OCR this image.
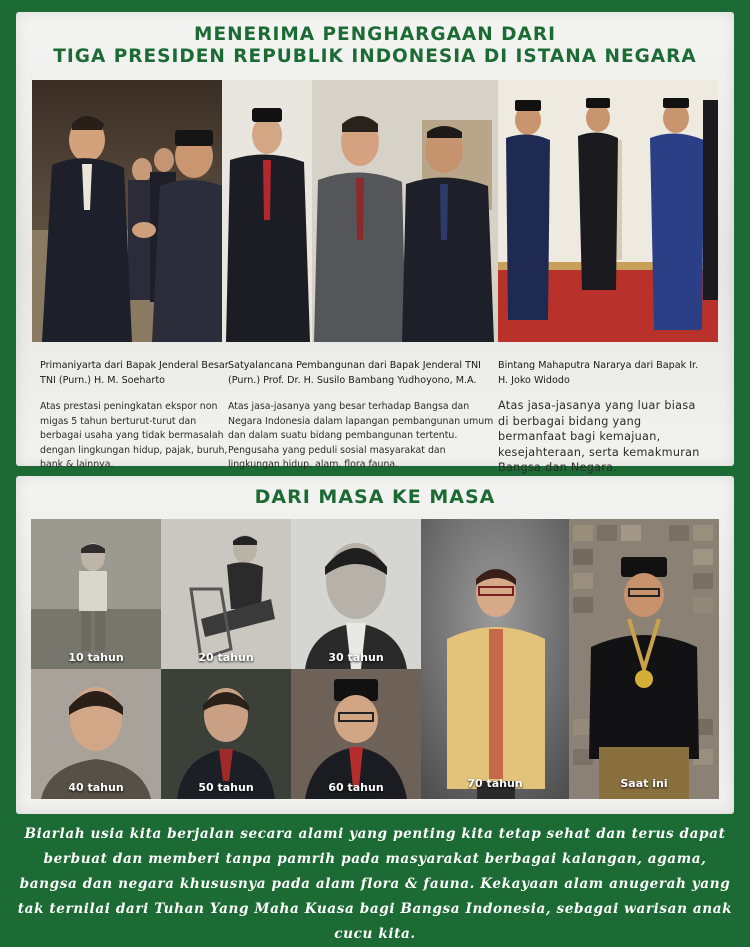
MENERIMA PENGHARGAAN DARI
TIGA PRESIDEN REPUBLIK INDONESIA DI ISTANA NEGARA
Primaniyarta dari Bapak Jenderal Besar TNI (Purn.) H. M. Soeharto
Atas prestasi peningkatan ekspor non migas 5 tahun berturut-turut dan berbagai usaha yang tidak bermasalah dengan lingkungan hidup, pajak, buruh, bank & lainnya.
Satyalancana Pembangunan dari Bapak Jenderal TNI (Purn.) Prof. Dr. H. Susilo Bambang Yudhoyono, M.A.
Atas jasa-jasanya yang besar terhadap Bangsa dan Negara Indonesia dalam lapangan pembangunan umum dan dalam suatu bidang pembangunan tertentu. Pengusaha yang peduli sosial masyarakat dan lingkungan hidup, alam, flora fauna.
Bintang Mahaputra Nararya dari Bapak Ir. H. Joko Widodo
Atas jasa-jasanya yang luar biasa di berbagai bidang yang bermanfaat bagi kemajuan, kesejahteraan, serta kemakmuran Bangsa dan Negara.
DARI MASA KE MASA
10 tahun	20 tahun	30 tahun
40 tahun	50 tahun	60 tahun	70 tahun	Saat ini
Biarlah usia kita berjalan secara alami yang penting kita tetap sehat dan terus dapat berbuat dan memberi tanpa pamrih pada masyarakat berbagai kalangan, agama, bangsa dan negara khususnya pada alam flora & fauna. Kekayaan alam anugerah yang tak ternilai dari Tuhan Yang Maha Kuasa bagi Bangsa Indonesia, sebagai warisan anak cucu kita.
